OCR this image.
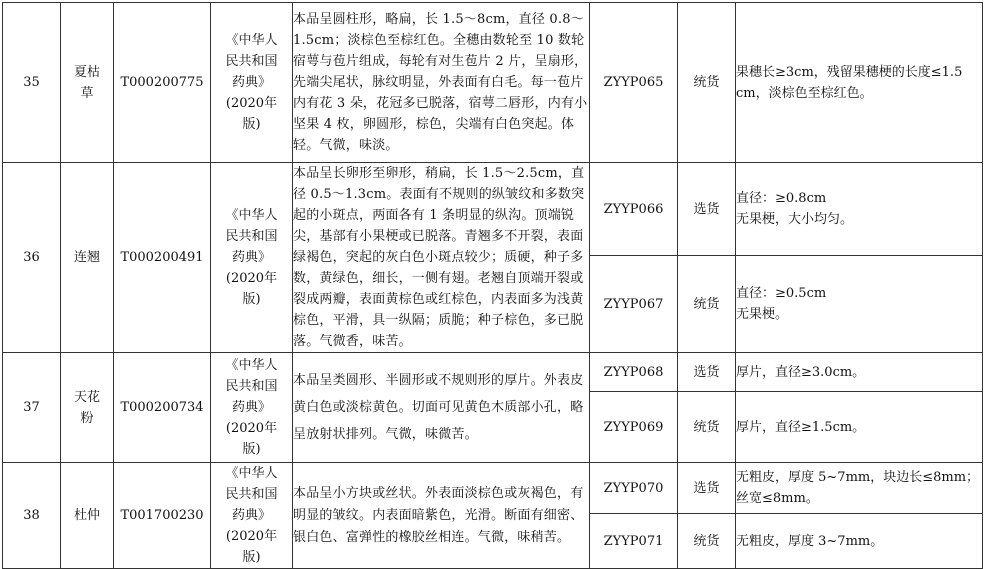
35	夏枯草	T000200775	《中华人民共和国药典》(2020年版)	本品呈圆柱形，略扁，长 1.5～8cm，直径 0.8～1.5cm；淡棕色至棕红色。全穗由数轮至 10 数轮宿萼与苞片组成，每轮有对生苞片 2 片，呈扇形，先端尖尾状，脉纹明显，外表面有白毛。每一苞片内有花 3 朵，花冠多已脱落，宿萼二唇形，内有小坚果 4 枚，卵圆形，棕色，尖端有白色突起。体轻。气微，味淡。	ZYYP065	统货	果穗长≥3cm，残留果穗梗的长度≤1.5 cm，淡棕色至棕红色。
36	连翘	T000200491	《中华人民共和国药典》(2020年版)	本品呈长卵形至卵形，稍扁，长 1.5～2.5cm，直径 0.5～1.3cm。表面有不规则的纵皱纹和多数突起的小斑点，两面各有 1 条明显的纵沟。顶端锐尖，基部有小果梗或已脱落。青翘多不开裂，表面绿褐色，突起的灰白色小斑点较少；质硬，种子多数，黄绿色，细长，一侧有翅。老翘自顶端开裂或裂成两瓣，表面黄棕色或红棕色，内表面多为浅黄棕色，平滑，具一纵隔；质脆；种子棕色，多已脱落。气微香，味苦。	ZYYP066	选货	直径：≥0.8cm
无果梗，大小均匀。
					ZYYP067	统货	直径：≥0.5cm
无果梗。
37	天花粉	T000200734	《中华人民共和国药典》(2020年版)	本品呈类圆形、半圆形或不规则形的厚片。外表皮黄白色或淡棕黄色。切面可见黄色木质部小孔，略呈放射状排列。气微，味微苦。	ZYYP068	选货	厚片，直径≥3.0cm。
					ZYYP069	统货	厚片，直径≥1.5cm。
38	杜仲	T001700230	《中华人民共和国药典》(2020年版)	本品呈小方块或丝状。外表面淡棕色或灰褐色，有明显的皱纹。内表面暗紫色，光滑。断面有细密、银白色、富弹性的橡胶丝相连。气微，味稍苦。	ZYYP070	选货	无粗皮，厚度 5~7mm，块边长≤8mm；丝宽≤8mm。
					ZYYP071	统货	无粗皮，厚度 3~7mm。
